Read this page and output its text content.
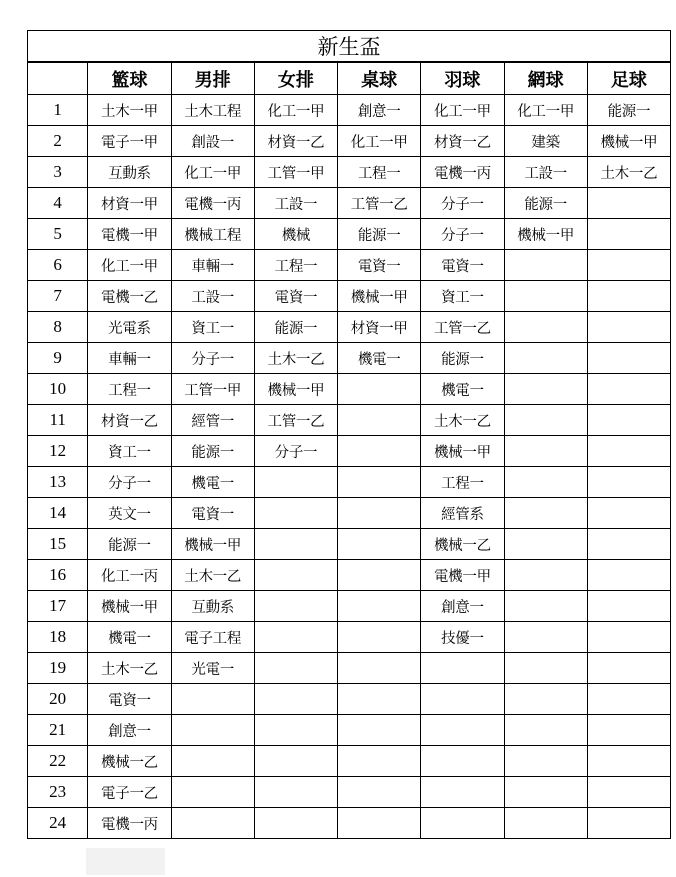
新生盃							
	籃球	男排	女排	桌球	羽球	網球	足球
1	土木一甲	土木工程	化工一甲	創意一	化工一甲	化工一甲	能源一
2	電子一甲	創設一	材資一乙	化工一甲	材資一乙	建築	機械一甲
3	互動系	化工一甲	工管一甲	工程一	電機一丙	工設一	土木一乙
4	材資一甲	電機一丙	工設一	工管一乙	分子一	能源一	
5	電機一甲	機械工程	機械	能源一	分子一	機械一甲	
6	化工一甲	車輛一	工程一	電資一	電資一		
7	電機一乙	工設一	電資一	機械一甲	資工一		
8	光電系	資工一	能源一	材資一甲	工管一乙		
9	車輛一	分子一	土木一乙	機電一	能源一		
10	工程一	工管一甲	機械一甲		機電一		
11	材資一乙	經管一	工管一乙		土木一乙		
12	資工一	能源一	分子一		機械一甲		
13	分子一	機電一			工程一		
14	英文一	電資一			經管系		
15	能源一	機械一甲			機械一乙		
16	化工一丙	土木一乙			電機一甲		
17	機械一甲	互動系			創意一		
18	機電一	電子工程			技優一		
19	土木一乙	光電一					
20	電資一						
21	創意一						
22	機械一乙						
23	電子一乙						
24	電機一丙						
